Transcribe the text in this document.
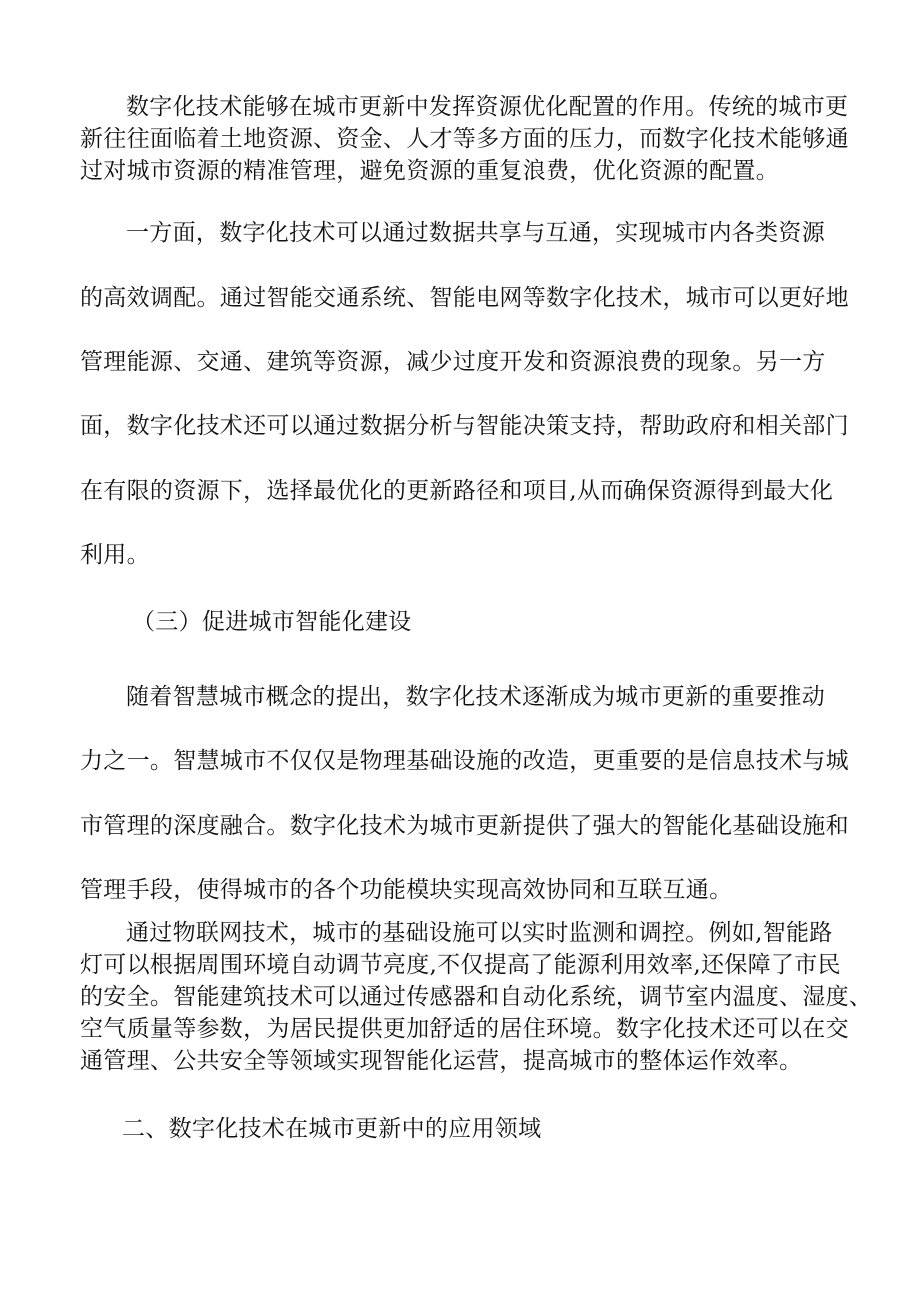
数字化技术能够在城市更新中发挥资源优化配置的作用。传统的城市更
新往往面临着土地资源、资金、人才等多方面的压力，而数字化技术能够通
过对城市资源的精准管理，避免资源的重复浪费，优化资源的配置。
一方面，数字化技术可以通过数据共享与互通，实现城市内各类资源
的高效调配。通过智能交通系统、智能电网等数字化技术，城市可以更好地
管理能源、交通、建筑等资源，减少过度开发和资源浪费的现象。另一方
面，数字化技术还可以通过数据分析与智能决策支持，帮助政府和相关部门
在有限的资源下，选择最优化的更新路径和项目,从而确保资源得到最大化
利用。
（三）促进城市智能化建设
随着智慧城市概念的提出，数字化技术逐渐成为城市更新的重要推动
力之一。智慧城市不仅仅是物理基础设施的改造，更重要的是信息技术与城
市管理的深度融合。数字化技术为城市更新提供了强大的智能化基础设施和
管理手段，使得城市的各个功能模块实现高效协同和互联互通。
通过物联网技术，城市的基础设施可以实时监测和调控。例如,智能路
灯可以根据周围环境自动调节亮度,不仅提高了能源利用效率,还保障了市民
的安全。智能建筑技术可以通过传感器和自动化系统，调节室内温度、湿度、
空气质量等参数，为居民提供更加舒适的居住环境。数字化技术还可以在交
通管理、公共安全等领域实现智能化运营，提高城市的整体运作效率。
二、数字化技术在城市更新中的应用领域
